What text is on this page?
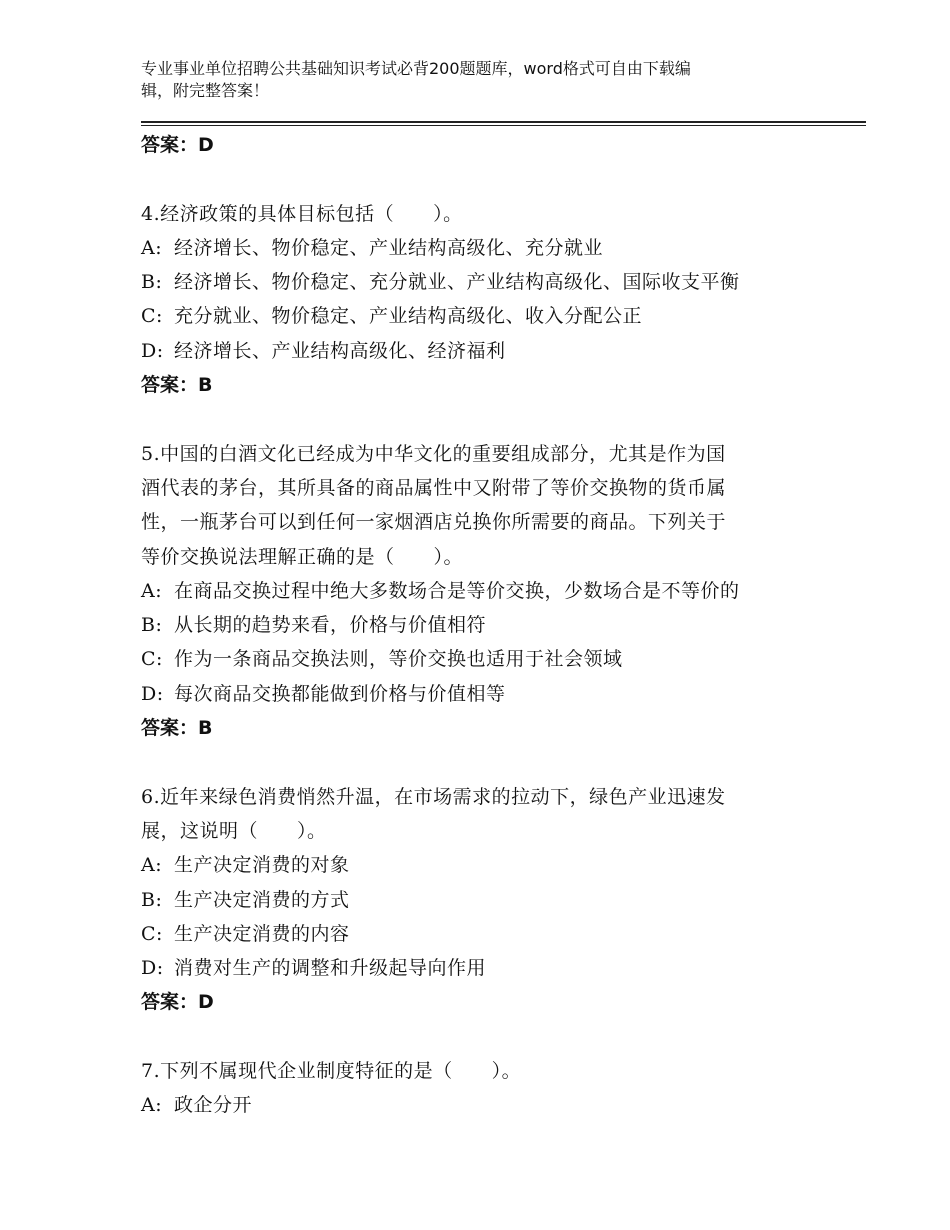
专业事业单位招聘公共基础知识考试必背200题题库，word格式可自由下载编
辑，附完整答案！
答案：D
4.经济政策的具体目标包括（　　）。
A: 经济增长、物价稳定、产业结构高级化、充分就业
B: 经济增长、物价稳定、充分就业、产业结构高级化、国际收支平衡
C: 充分就业、物价稳定、产业结构高级化、收入分配公正
D: 经济增长、产业结构高级化、经济福利
答案：B
5.中国的白酒文化已经成为中华文化的重要组成部分，尤其是作为国
酒代表的茅台，其所具备的商品属性中又附带了等价交换物的货币属
性，一瓶茅台可以到任何一家烟酒店兑换你所需要的商品。下列关于
等价交换说法理解正确的是（　　）。
A: 在商品交换过程中绝大多数场合是等价交换，少数场合是不等价的
B: 从长期的趋势来看，价格与价值相符
C: 作为一条商品交换法则，等价交换也适用于社会领域
D: 每次商品交换都能做到价格与价值相等
答案：B
6.近年来绿色消费悄然升温，在市场需求的拉动下，绿色产业迅速发
展，这说明（　　）。
A: 生产决定消费的对象
B: 生产决定消费的方式
C: 生产决定消费的内容
D: 消费对生产的调整和升级起导向作用
答案：D
7.下列不属现代企业制度特征的是（　　）。
A: 政企分开
